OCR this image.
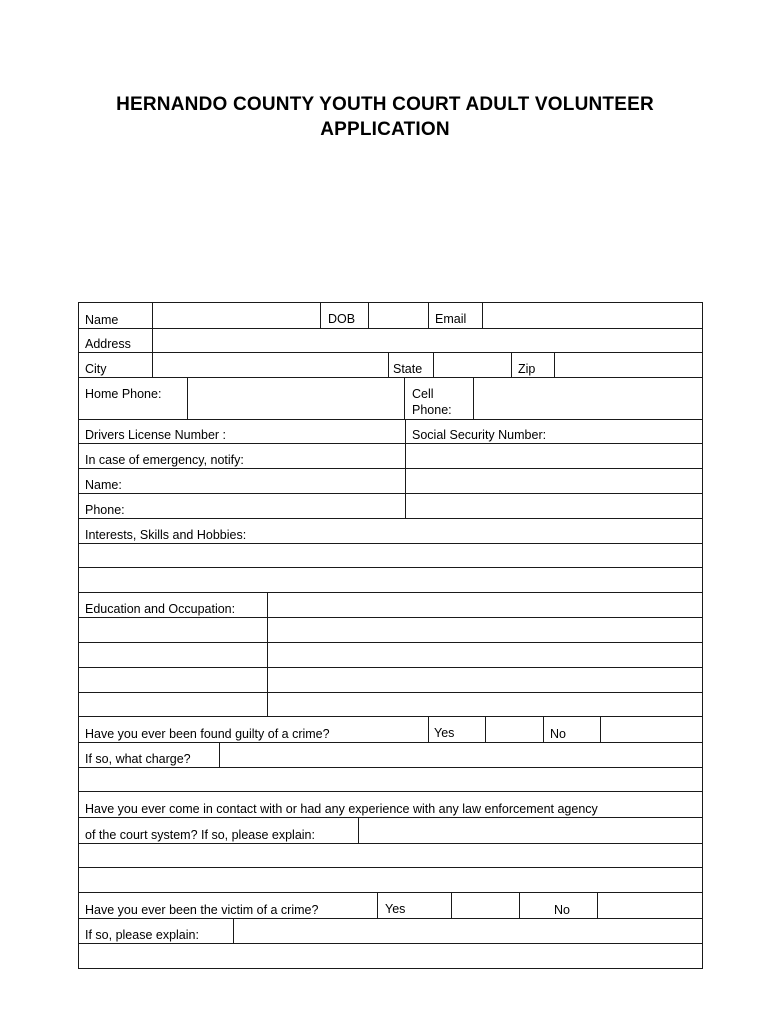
HERNANDO COUNTY YOUTH COURT ADULT VOLUNTEER
APPLICATION
Name	DOB	Email
Address
City	State	Zip
Home Phone:	Cell
Phone:
Drivers License Number :	Social Security Number:
In case of emergency, notify:
Name:
Phone:
Interests, Skills and Hobbies:
Education and Occupation:
Have you ever been found guilty of a crime?	Yes	No
If so, what charge?
Have you ever come in contact with or had any experience with any law enforcement agency
of the court system? If so, please explain:
Have you ever been the victim of a crime?	Yes	No
If so, please explain:
